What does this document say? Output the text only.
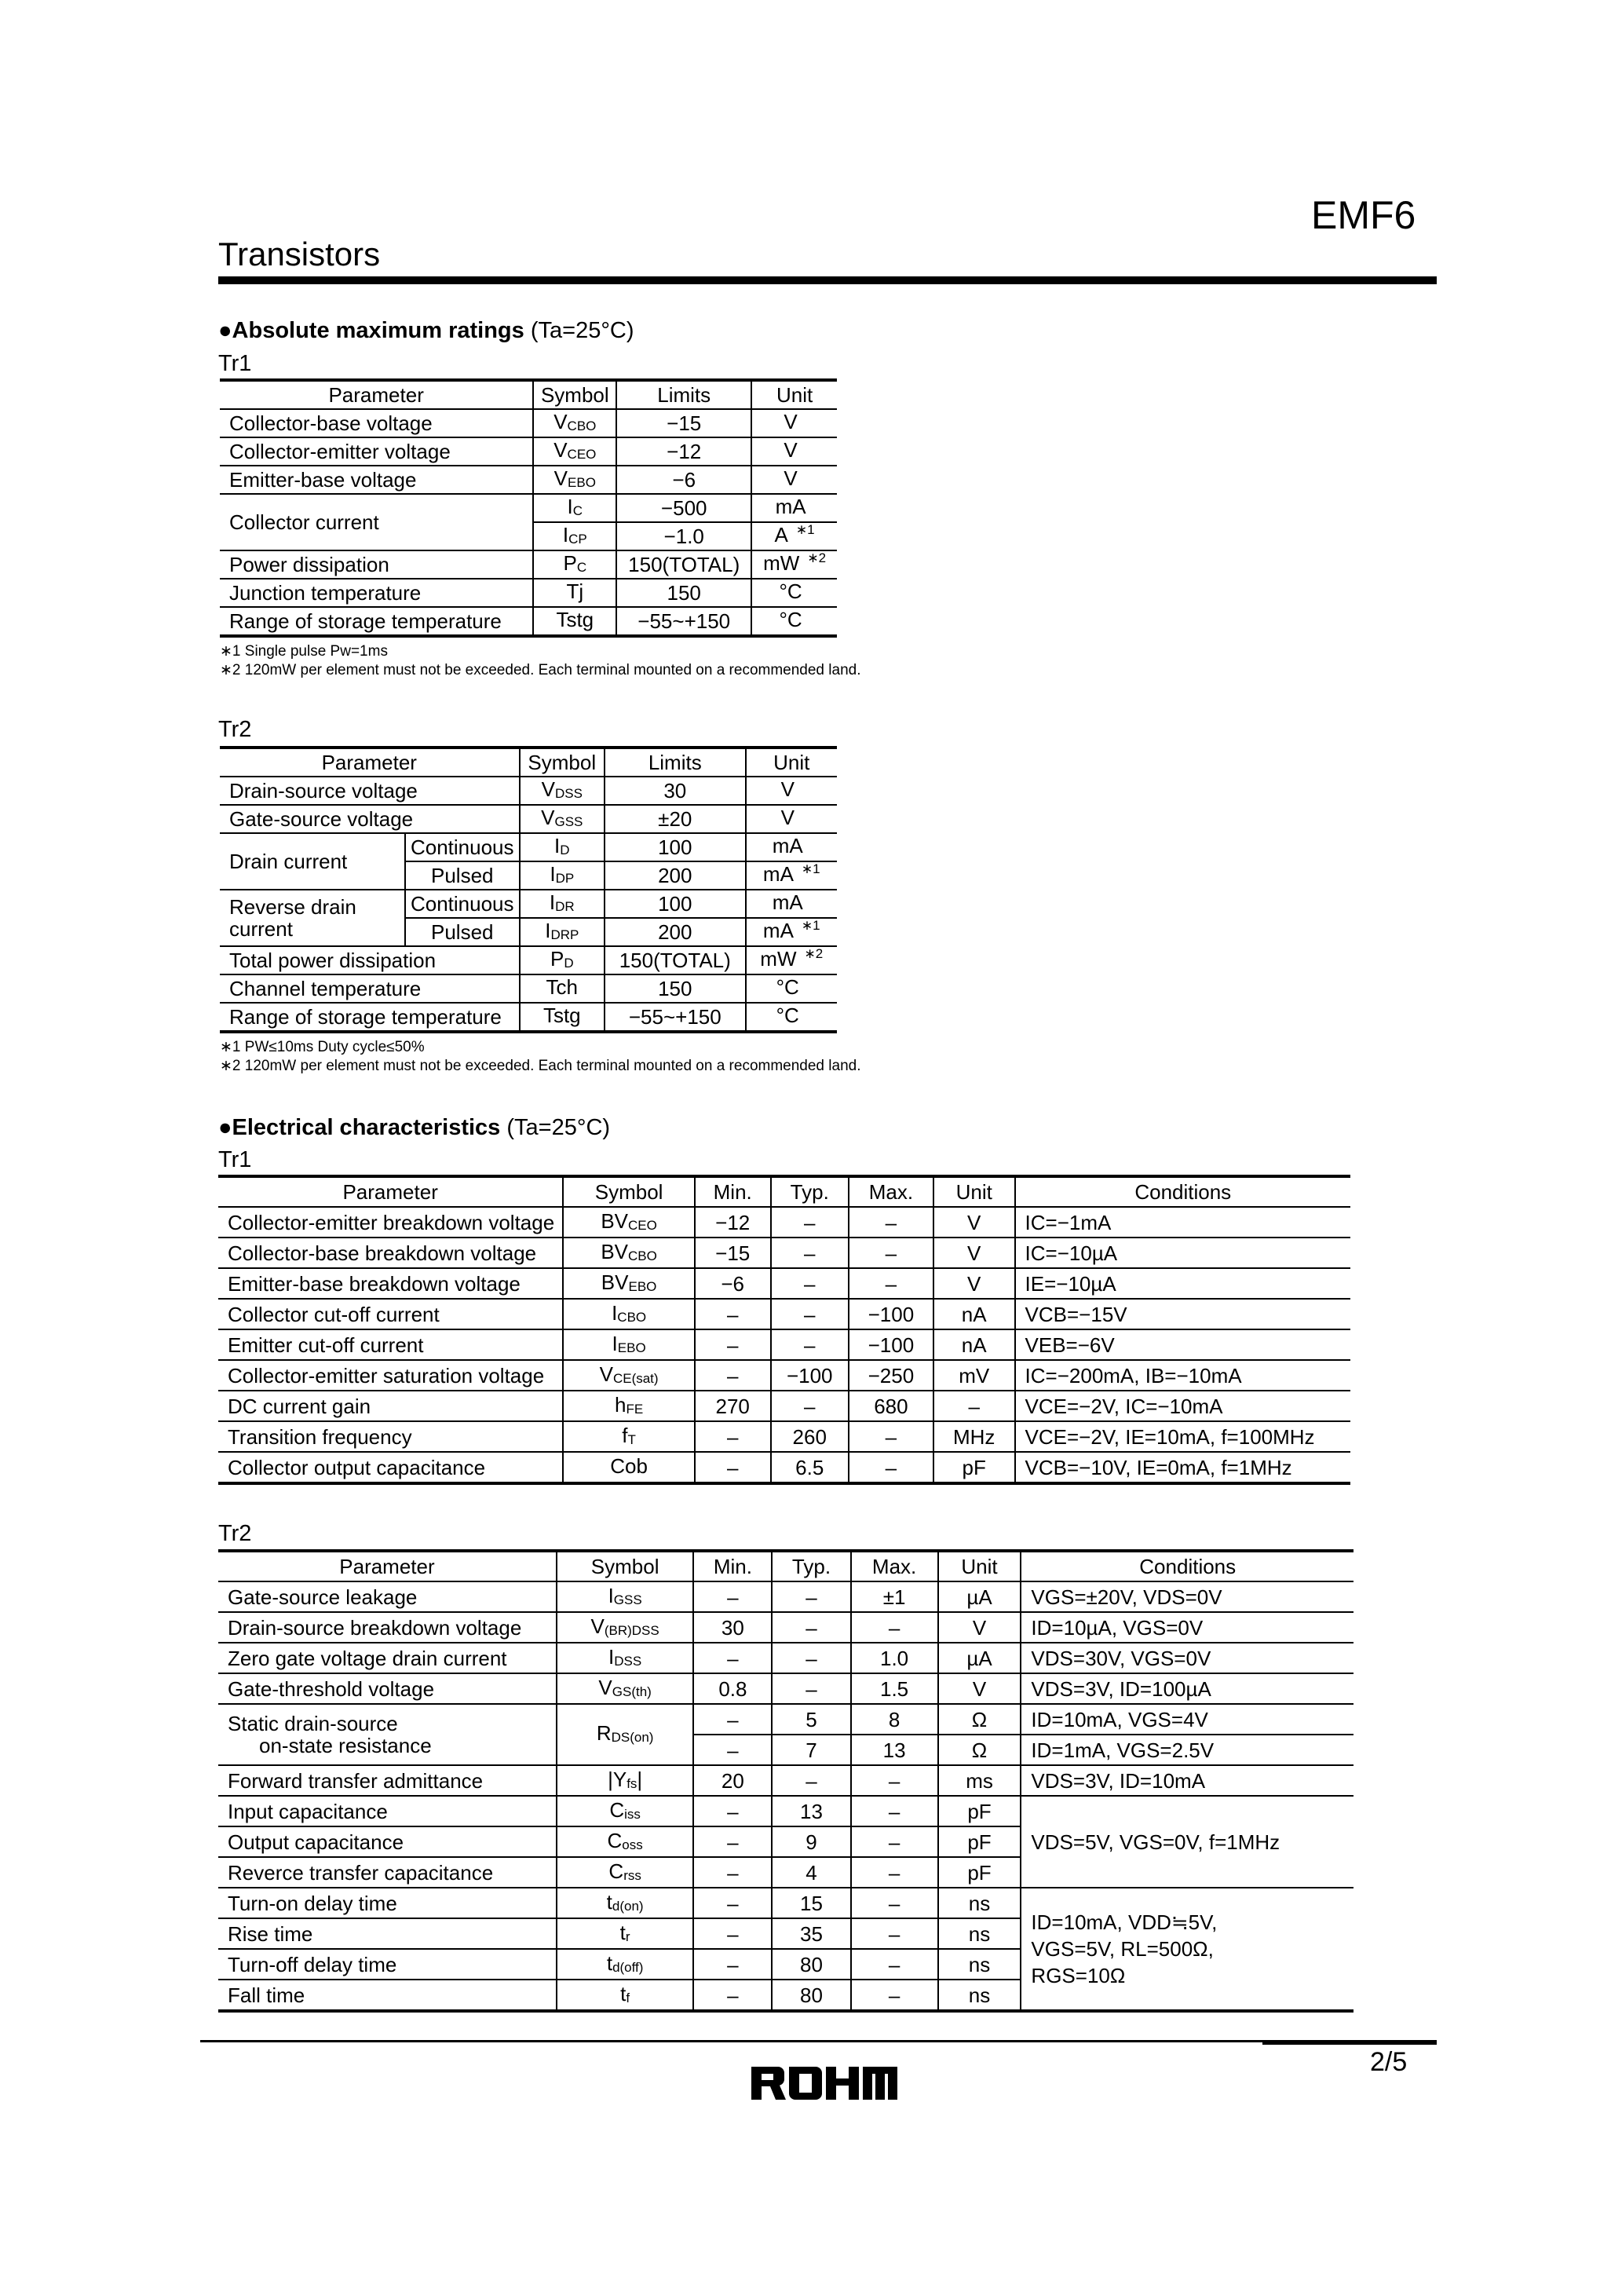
EMF6
Transistors
●Absolute maximum ratings (Ta=25°C)
Tr1
Parameter	Symbol	Limits	Unit
Collector-base voltage	$V_{CBO}$	−15	V
Collector-emitter voltage	$V_{CEO}$	−12	V
Emitter-base voltage	$V_{EBO}$	−6	V
Collector current	$I_C$	−500	mA
	$I_{CP}$	−1.0	A $^{∗1}$
Power dissipation	$P_C$	150(TOTAL)	mW $^{∗2}$
Junction temperature	Tj	150	°C
Range of storage temperature	Tstg	−55~+150	°C
∗1 Single pulse Pw=1ms
∗2 120mW per element must not be exceeded. Each terminal mounted on a recommended land.
Tr2
Parameter		Symbol	Limits	Unit
Drain-source voltage		$V_{DSS}$	30	V
Gate-source voltage		$V_{GSS}$	±20	V
Drain current	Continuous	$I_D$	100	mA
	Pulsed	$I_{DP}$	200	mA $^{∗1}$

Reverse drain
current	Continuous	$I_{DR}$	100	mA
	Pulsed	$I_{DRP}$	200	mA $^{∗1}$
Total power dissipation		$P_D$	150(TOTAL)	mW $^{∗2}$
Channel temperature		Tch	150	°C
Range of storage temperature		Tstg	−55~+150	°C
∗1 PW≤10ms Duty cycle≤50%
∗2 120mW per element must not be exceeded. Each terminal mounted on a recommended land.
●Electrical characteristics (Ta=25°C)
Tr1
Parameter	Symbol	Min.	Typ.	Max.	Unit	Conditions
Collector-emitter breakdown voltage	$BV_{CEO}$	−12	–	–	V	IC=−1mA
Collector-base breakdown voltage	$BV_{CBO}$	−15	–	–	V	IC=−10µA
Emitter-base breakdown voltage	$BV_{EBO}$	−6	–	–	V	IE=−10µA
Collector cut-off current	$I_{CBO}$	–	–	−100	nA	VCB=−15V
Emitter cut-off current	$I_{EBO}$	–	–	−100	nA	VEB=−6V
Collector-emitter saturation voltage	$V_{CE(sat)}$	–	−100	−250	mV	IC=−200mA, IB=−10mA
DC current gain	$h_{FE}$	270	–	680	–	VCE=−2V, IC=−10mA
Transition frequency	$f_T$	–	260	–	MHz	VCE=−2V, IE=10mA, f=100MHz
Collector output capacitance	Cob	–	6.5	–	pF	VCB=−10V, IE=0mA, f=1MHz
Tr2
Parameter	Symbol	Min.	Typ.	Max.	Unit	Conditions
Gate-source leakage	$I_{GSS}$	–	–	±1	µA	VGS=±20V, VDS=0V
Drain-source breakdown voltage	$V_{(BR)DSS}$	30	–	–	V	ID=10µA, VGS=0V
Zero gate voltage drain current	$I_{DSS}$	–	–	1.0	µA	VDS=30V, VGS=0V
Gate-threshold voltage	$V_{GS(th)}$	0.8	–	1.5	V	VDS=3V, ID=100µA

Static drain-source
on-state resistance	$R_{DS(on)}$	–	5	8	Ω	ID=10mA, VGS=4V
		–	7	13	Ω	ID=1mA, VGS=2.5V
Forward transfer admittance	$|Y_{fs}|$	20	–	–	ms	VDS=3V, ID=10mA
Input capacitance	$C_{iss}$	–	13	–	pF	VDS=5V, VGS=0V, f=1MHz
Output capacitance	$C_{oss}$	–	9	–	pF	
Reverce transfer capacitance	$C_{rss}$	–	4	–	pF	
Turn-on delay time	$t_{d(on)}$	–	15	–	ns	ID=10mA, VDD≒5V,
VGS=5V, RL=500Ω,
RGS=10Ω

Rise time	$t_r$	–	35	–	ns	
Turn-off delay time	$t_{d(off)}$	–	80	–	ns	
Fall time	$t_f$	–	80	–	ns	
2/5
